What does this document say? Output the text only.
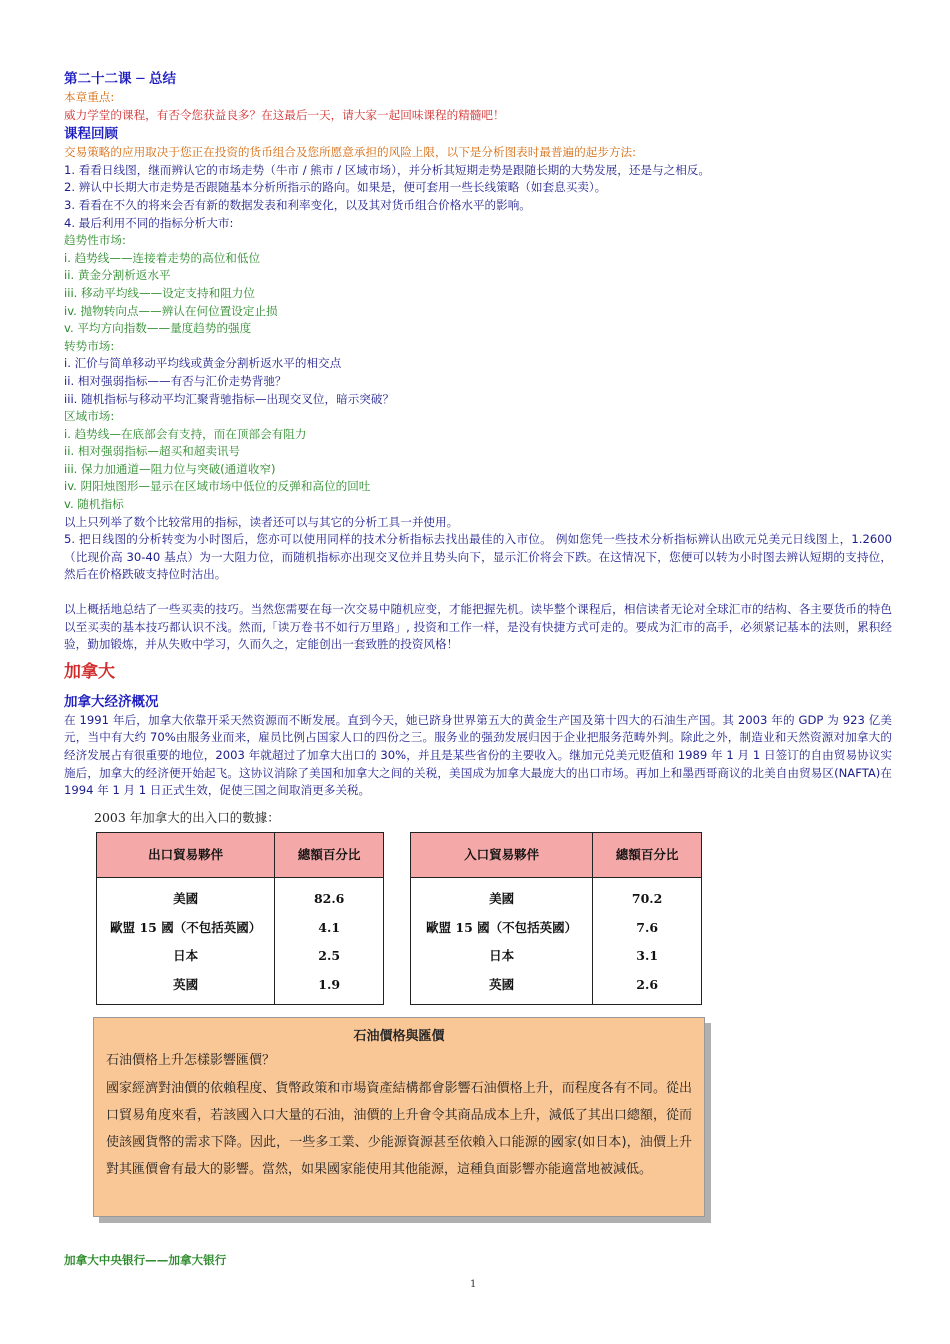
第二十二课 ─ 总结
本章重点:
威力学堂的课程，有否令您获益良多？在这最后一天，请大家一起回味课程的精髓吧！
课程回顾
交易策略的应用取决于您正在投资的货币组合及您所愿意承担的风险上限，以下是分析图表时最普遍的起步方法:
1. 看看日线图，继而辨认它的市场走势（牛市 / 熊市 / 区域市场），并分析其短期走势是跟随长期的大势发展，还是与之相反。
2. 辨认中长期大市走势是否跟随基本分析所指示的路向。如果是，便可套用一些长线策略（如套息买卖）。
3. 看看在不久的将来会否有新的数据发表和利率变化，以及其对货币组合价格水平的影响。
4. 最后利用不同的指标分析大市:
趋势性市场:
i. 趋势线——连接着走势的高位和低位
ii. 黄金分割析返水平
iii. 移动平均线——设定支持和阻力位
iv. 抛物转向点——辨认在何位置设定止损
v. 平均方向指数——量度趋势的强度
转势市场:
i. 汇价与简单移动平均线或黄金分割析返水平的相交点
ii. 相对强弱指标——有否与汇价走势背驰？
iii. 随机指标与移动平均汇聚背驰指标—出现交叉位，暗示突破？
区域市场:
i. 趋势线—在底部会有支持，而在顶部会有阻力
ii. 相对强弱指标—超买和超卖讯号
iii. 保力加通道—阻力位与突破(通道收窄)
iv. 阴阳烛图形—显示在区域市场中低位的反弹和高位的回吐
v. 随机指标
以上只列举了数个比较常用的指标，读者还可以与其它的分析工具一并使用。
5. 把日线图的分析转变为小时图后，您亦可以使用同样的技术分析指标去找出最佳的入市位。 例如您凭一些技术分析指标辨认出欧元兑美元日线图上，1.2600（比现价高 30-40 基点）为一大阻力位，而随机指标亦出现交叉位并且势头向下，显示汇价将会下跌。在这情况下，您便可以转为小时图去辨认短期的支持位，然后在价格跌破支持位时沽出。
以上概括地总结了一些买卖的技巧。当然您需要在每一次交易中随机应变，才能把握先机。读毕整个课程后，相信读者无论对全球汇市的结构、各主要货币的特色以至买卖的基本技巧都认识不浅。然而,「读万卷书不如行万里路」, 投资和工作一样，是没有快捷方式可走的。要成为汇市的高手，必须紧记基本的法则，累积经验，勤加锻炼，并从失败中学习，久而久之，定能创出一套致胜的投资风格！
加拿大
加拿大经济概况
在 1991 年后，加拿大依靠开采天然资源而不断发展。直到今天，她已跻身世界第五大的黄金生产国及第十四大的石油生产国。其 2003 年的 GDP 为 923 亿美元，当中有大约 70%由服务业而来，雇员比例占国家人口的四份之三。服务业的强劲发展归因于企业把服务范畴外判。除此之外，制造业和天然资源对加拿大的经济发展占有很重要的地位，2003 年就超过了加拿大出口的 30%，并且是某些省份的主要收入。继加元兑美元贬值和 1989 年 1 月 1 日签订的自由贸易协议实施后，加拿大的经济便开始起飞。这协议消除了美国和加拿大之间的关税，美国成为加拿大最庞大的出口市场。再加上和墨西哥商议的北美自由贸易区(NAFTA)在 1994 年 1 月 1 日正式生效，促使三国之间取消更多关税。
2003 年加拿大的出入口的數據：
出口貿易夥伴	總額百分比
美國	82.6
歐盟 15 國（不包括英國）	4.1
日本	2.5
英國	1.9
入口貿易夥伴	總額百分比
美國	70.2
歐盟 15 國（不包括英國）	7.6
日本	3.1
英國	2.6
石油價格與匯價
石油價格上升怎樣影響匯價？
國家經濟對油價的依賴程度、貨幣政策和市場資產結構都會影響石油價格上升，而程度各有不同。從出口貿易角度來看，若該國入口大量的石油，油價的上升會令其商品成本上升，減低了其出口總額，從而使該國貨幣的需求下降。因此，一些多工業、少能源資源甚至依賴入口能源的國家(如日本)，油價上升對其匯價會有最大的影響。當然，如果國家能使用其他能源，這種負面影響亦能適當地被減低。
加拿大中央银行——加拿大银行
1
